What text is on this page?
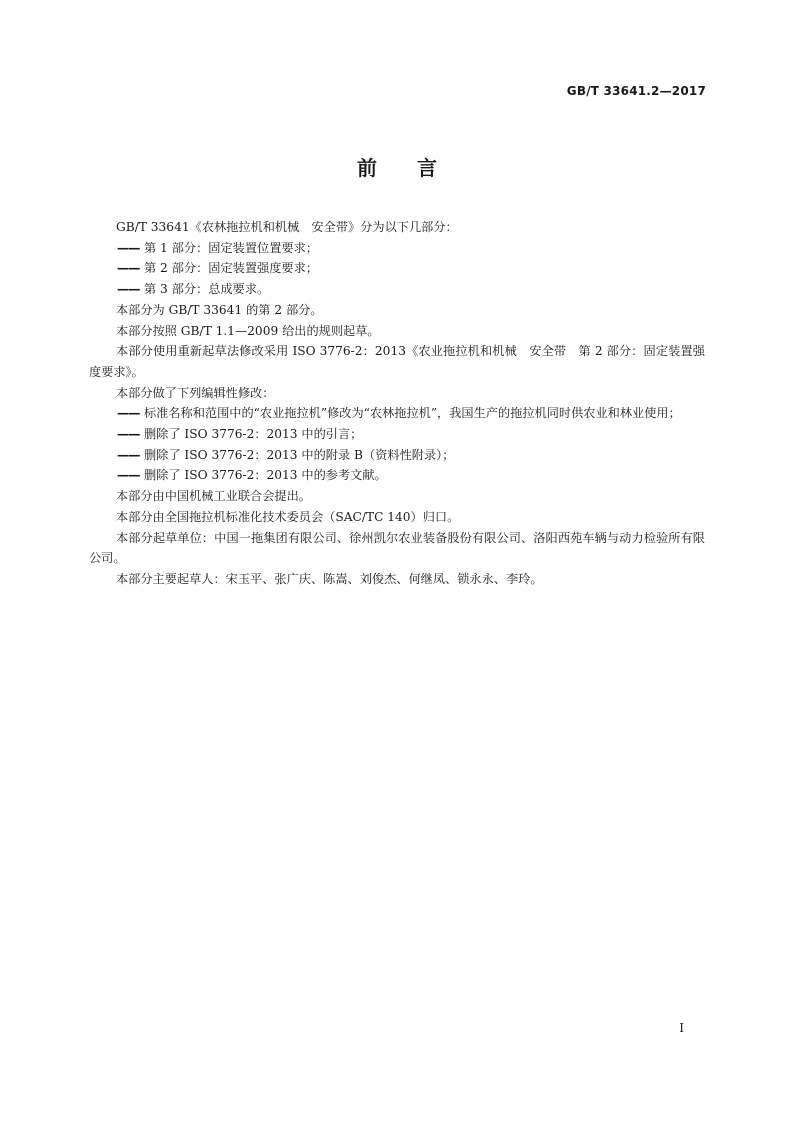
GB/T 33641.2—2017
前 言

GB/T 33641《农林拖拉机和机械　安全带》分为以下几部分：

—— 第 1 部分：固定装置位置要求；

—— 第 2 部分：固定装置强度要求；

—— 第 3 部分：总成要求。

本部分为 GB/T 33641 的第 2 部分。

本部分按照 GB/T 1.1—2009 给出的规则起草。

本部分使用重新起草法修改采用 ISO 3776-2：2013《农业拖拉机和机械　安全带　第 2 部分：固定装置强度要求》。

本部分做了下列编辑性修改：

—— 标准名称和范围中的“农业拖拉机”修改为“农林拖拉机”，我国生产的拖拉机同时供农业和林业使用；

—— 删除了 ISO 3776-2：2013 中的引言；

—— 删除了 ISO 3776-2：2013 中的附录 B（资料性附录）；

—— 删除了 ISO 3776-2：2013 中的参考文献。

本部分由中国机械工业联合会提出。

本部分由全国拖拉机标准化技术委员会（SAC/TC 140）归口。

本部分起草单位：中国一拖集团有限公司、徐州凯尔农业装备股份有限公司、洛阳西苑车辆与动力检验所有限公司。

本部分主要起草人：宋玉平、张广庆、陈嵩、刘俊杰、何继凤、锁永永、李玲。

Ⅰ
